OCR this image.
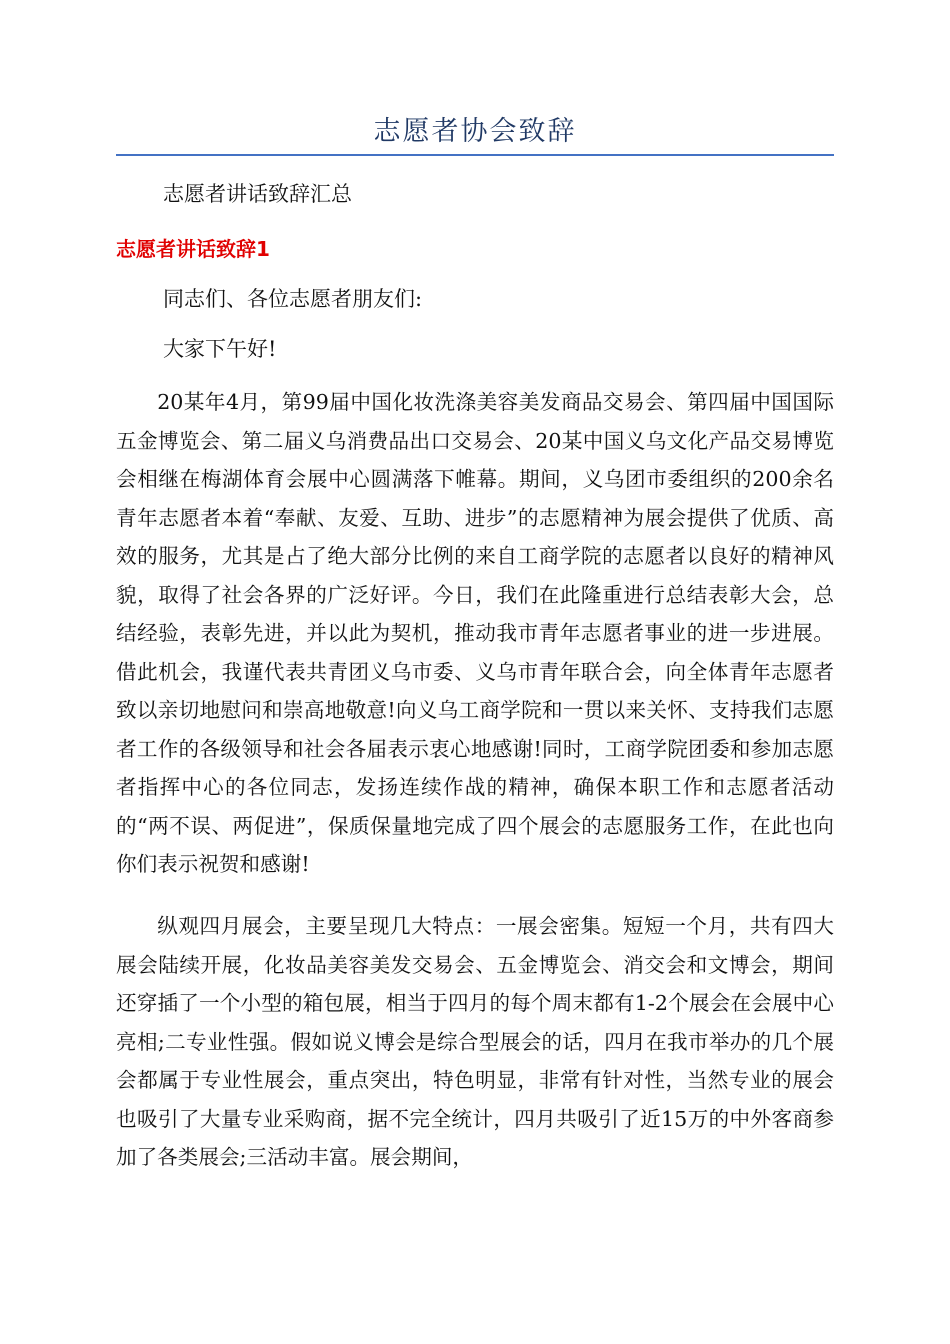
志愿者协会致辞
志愿者讲话致辞汇总
志愿者讲话致辞1
同志们、各位志愿者朋友们:
大家下午好!
20某年4月，第99届中国化妆洗涤美容美发商品交易会、第四届中国国际五金博览会、第二届义乌消费品出口交易会、20某中国义乌文化产品交易博览会相继在梅湖体育会展中心圆满落下帷幕。期间，义乌团市委组织的200余名青年志愿者本着“奉献、友爱、互助、进步”的志愿精神为展会提供了优质、高效的服务，尤其是占了绝大部分比例的来自工商学院的志愿者以良好的精神风貌，取得了社会各界的广泛好评。今日，我们在此隆重进行总结表彰大会，总结经验，表彰先进，并以此为契机，推动我市青年志愿者事业的进一步进展。借此机会，我谨代表共青团义乌市委、义乌市青年联合会，向全体青年志愿者致以亲切地慰问和崇高地敬意!向义乌工商学院和一贯以来关怀、支持我们志愿者工作的各级领导和社会各届表示衷心地感谢!同时，工商学院团委和参加志愿者指挥中心的各位同志，发扬连续作战的精神，确保本职工作和志愿者活动的“两不误、两促进”，保质保量地完成了四个展会的志愿服务工作，在此也向你们表示祝贺和感谢!
纵观四月展会，主要呈现几大特点：一展会密集。短短一个月，共有四大展会陆续开展，化妆品美容美发交易会、五金博览会、消交会和文博会，期间还穿插了一个小型的箱包展，相当于四月的每个周末都有1-2个展会在会展中心亮相;二专业性强。假如说义博会是综合型展会的话，四月在我市举办的几个展会都属于专业性展会，重点突出，特色明显，非常有针对性，当然专业的展会也吸引了大量专业采购商，据不完全统计，四月共吸引了近15万的中外客商参加了各类展会;三活动丰富。展会期间，
